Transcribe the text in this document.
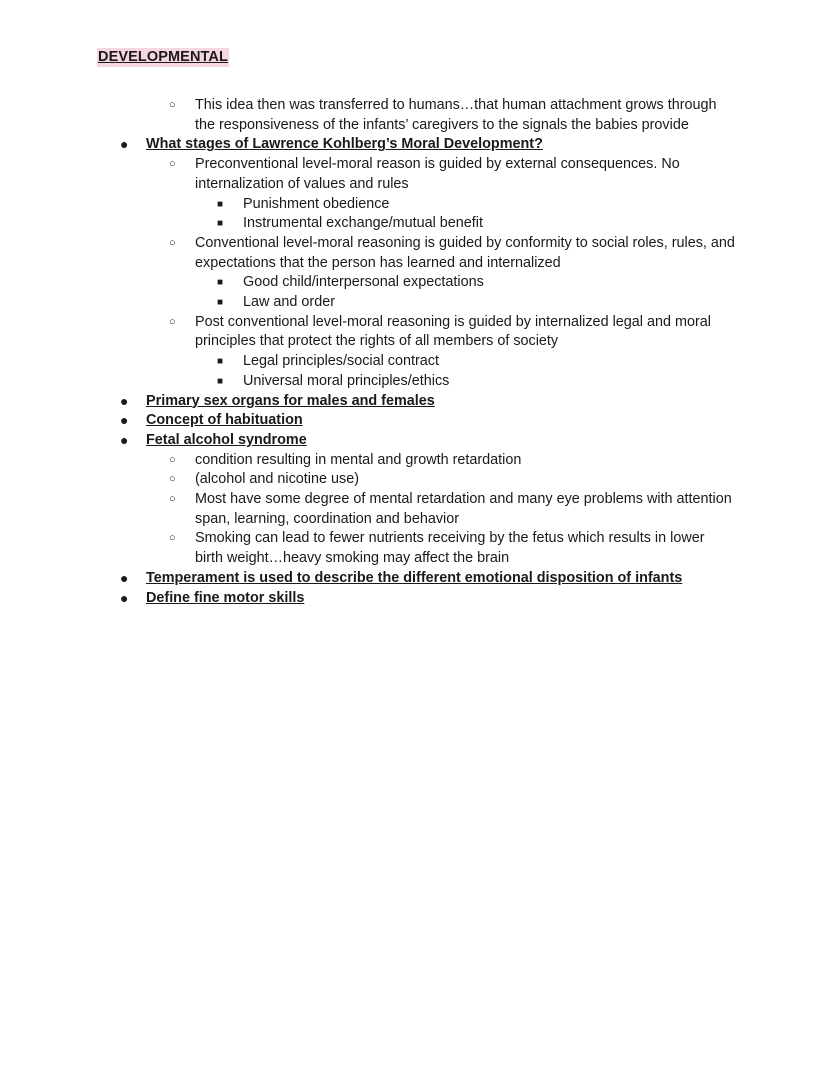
DEVELOPMENTAL
○ This idea then was transferred to humans…that human attachment grows through the responsiveness of the infants’ caregivers to the signals the babies provide
● What stages of Lawrence Kohlberg’s Moral Development?
○ Preconventional level-moral reason is guided by external consequences. No internalization of values and rules
■ Punishment obedience
■ Instrumental exchange/mutual benefit
○ Conventional level-moral reasoning is guided by conformity to social roles, rules, and expectations that the person has learned and internalized
■ Good child/interpersonal expectations
■ Law and order
○ Post conventional level-moral reasoning is guided by internalized legal and moral principles that protect the rights of all members of society
■ Legal principles/social contract
■ Universal moral principles/ethics
● Primary sex organs for males and females
● Concept of habituation
● Fetal alcohol syndrome
○ condition resulting in mental and growth retardation
○ (alcohol and nicotine use)
○ Most have some degree of mental retardation and many eye problems with attention span, learning, coordination and behavior
○ Smoking can lead to fewer nutrients receiving by the fetus which results in lower birth weight…heavy smoking may affect the brain
● Temperament is used to describe the different emotional disposition of infants
● Define fine motor skills
